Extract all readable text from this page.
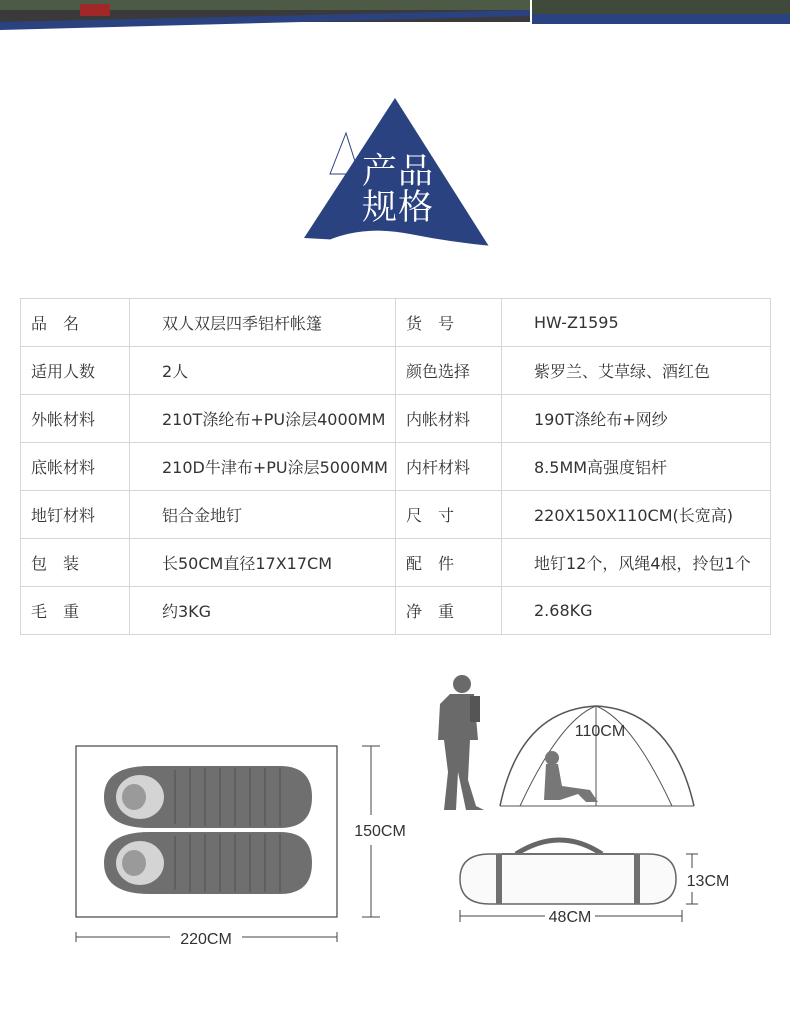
产品
规格
品　名	双人双层四季铝杆帐篷	货　号	HW-Z1595
适用人数	2人	颜色选择	紫罗兰、艾草绿、酒红色
外帐材料	210T涤纶布+PU涂层4000MM	内帐材料	190T涤纶布+网纱
底帐材料	210D牛津布+PU涂层5000MM	内杆材料	8.5MM高强度铝杆
地钉材料	铝合金地钉	尺　寸	220X150X110CM(长宽高)
包　装	长50CM直径17X17CM	配　件	地钉12个，风绳4根，拎包1个
毛　重	约3KG	净　重	2.68KG
220CM
150CM
110CM
48CM
13CM
